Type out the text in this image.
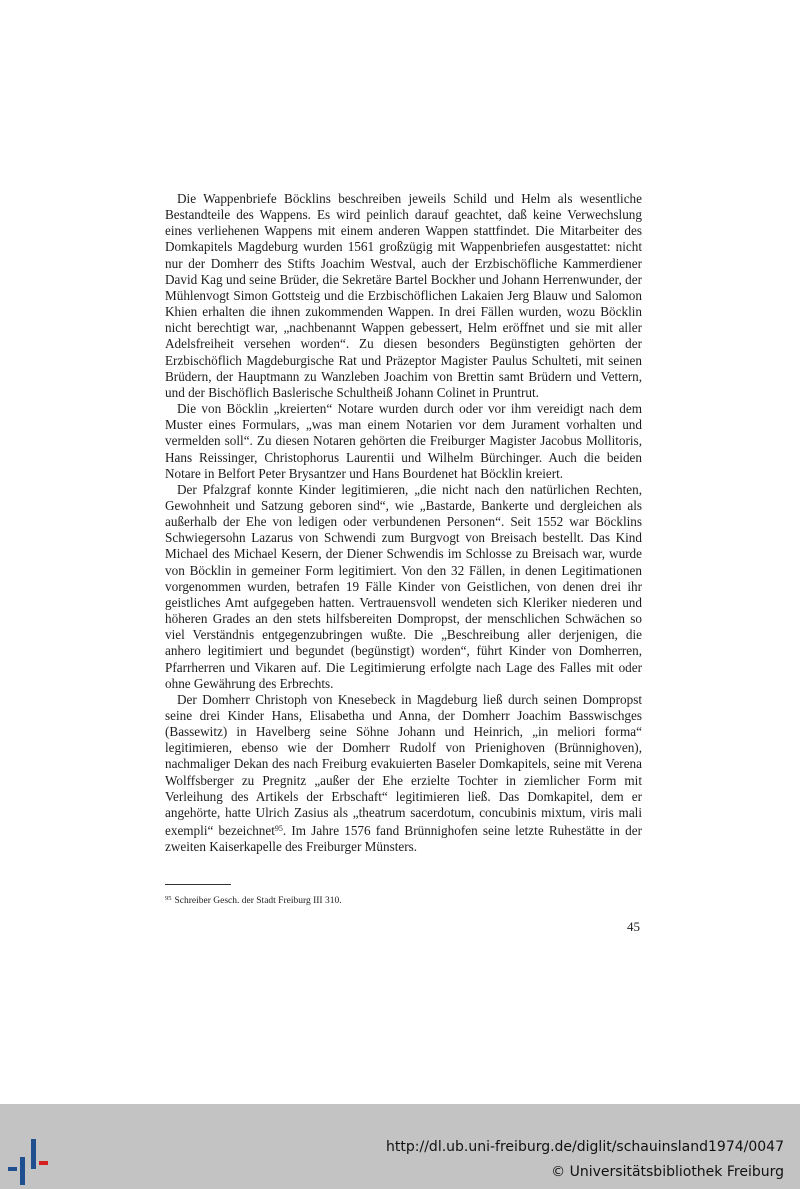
Die Wappenbriefe Böcklins beschreiben jeweils Schild und Helm als wesentliche Bestandteile des Wappens. Es wird peinlich darauf geachtet, daß keine Verwechslung eines verliehenen Wappens mit einem anderen Wappen stattfindet. Die Mitarbeiter des Domkapitels Magdeburg wurden 1561 großzügig mit Wappenbriefen ausgestattet: nicht nur der Domherr des Stifts Joachim Westval, auch der Erzbischöfliche Kammerdiener David Kag und seine Brüder, die Sekretäre Bartel Bockher und Johann Herrenwunder, der Mühlenvogt Simon Gottsteig und die Erzbischöflichen Lakaien Jerg Blauw und Salomon Khien erhalten die ihnen zukommenden Wappen. In drei Fällen wurden, wozu Böcklin nicht berechtigt war, „nachbenannt Wappen gebessert, Helm eröffnet und sie mit aller Adelsfreiheit versehen worden“. Zu diesen besonders Begünstigten gehörten der Erzbischöflich Magdeburgische Rat und Präzeptor Magister Paulus Schulteti, mit seinen Brüdern, der Hauptmann zu Wanzleben Joachim von Brettin samt Brüdern und Vettern, und der Bischöflich Baslerische Schultheiß Johann Colinet in Pruntrut.

Die von Böcklin „kreierten“ Notare wurden durch oder vor ihm vereidigt nach dem Muster eines Formulars, „was man einem Notarien vor dem Jurament vorhalten und vermelden soll“. Zu diesen Notaren gehörten die Freiburger Magister Jacobus Mollitoris, Hans Reissinger, Christophorus Laurentii und Wilhelm Bürchinger. Auch die beiden Notare in Belfort Peter Brysantzer und Hans Bourdenet hat Böcklin kreiert.

Der Pfalzgraf konnte Kinder legitimieren, „die nicht nach den natürlichen Rechten, Gewohnheit und Satzung geboren sind“, wie „Bastarde, Bankerte und dergleichen als außerhalb der Ehe von ledigen oder verbundenen Personen“. Seit 1552 war Böcklins Schwiegersohn Lazarus von Schwendi zum Burgvogt von Breisach bestellt. Das Kind Michael des Michael Kesern, der Diener Schwendis im Schlosse zu Breisach war, wurde von Böcklin in gemeiner Form legitimiert. Von den 32 Fällen, in denen Legitimationen vorgenommen wurden, betrafen 19 Fälle Kinder von Geistlichen, von denen drei ihr geistliches Amt aufgegeben hatten. Vertrauensvoll wendeten sich Kleriker niederen und höheren Grades an den stets hilfsbereiten Dompropst, der menschlichen Schwächen so viel Verständnis entgegenzubringen wußte. Die „Beschreibung aller derjenigen, die anhero legitimiert und begundet (begünstigt) worden“, führt Kinder von Domherren, Pfarrherren und Vikaren auf. Die Legitimierung erfolgte nach Lage des Falles mit oder ohne Gewährung des Erbrechts.

Der Domherr Christoph von Knesebeck in Magdeburg ließ durch seinen Dompropst seine drei Kinder Hans, Elisabetha und Anna, der Domherr Joachim Basswischges (Bassewitz) in Havelberg seine Söhne Johann und Heinrich, „in meliori forma“ legitimieren, ebenso wie der Domherr Rudolf von Prienighoven (Brünnighoven), nachmaliger Dekan des nach Freiburg evakuierten Baseler Domkapitels, seine mit Verena Wolffsberger zu Pregnitz „außer der Ehe erzielte Tochter in ziemlicher Form mit Verleihung des Artikels der Erbschaft“ legitimieren ließ. Das Domkapitel, dem er angehörte, hatte Ulrich Zasius als „theatrum sacerdotum, concubinis mixtum, viris mali exempli“ bezeichnet$^{95}$. Im Jahre 1576 fand Brünnighofen seine letzte Ruhestätte in der zweiten Kaiserkapelle des Freiburger Münsters.

$^{95}$ Schreiber Gesch. der Stadt Freiburg III 310.
45
http://dl.ub.uni-freiburg.de/diglit/schauinsland1974/0047
© Universitätsbibliothek Freiburg
